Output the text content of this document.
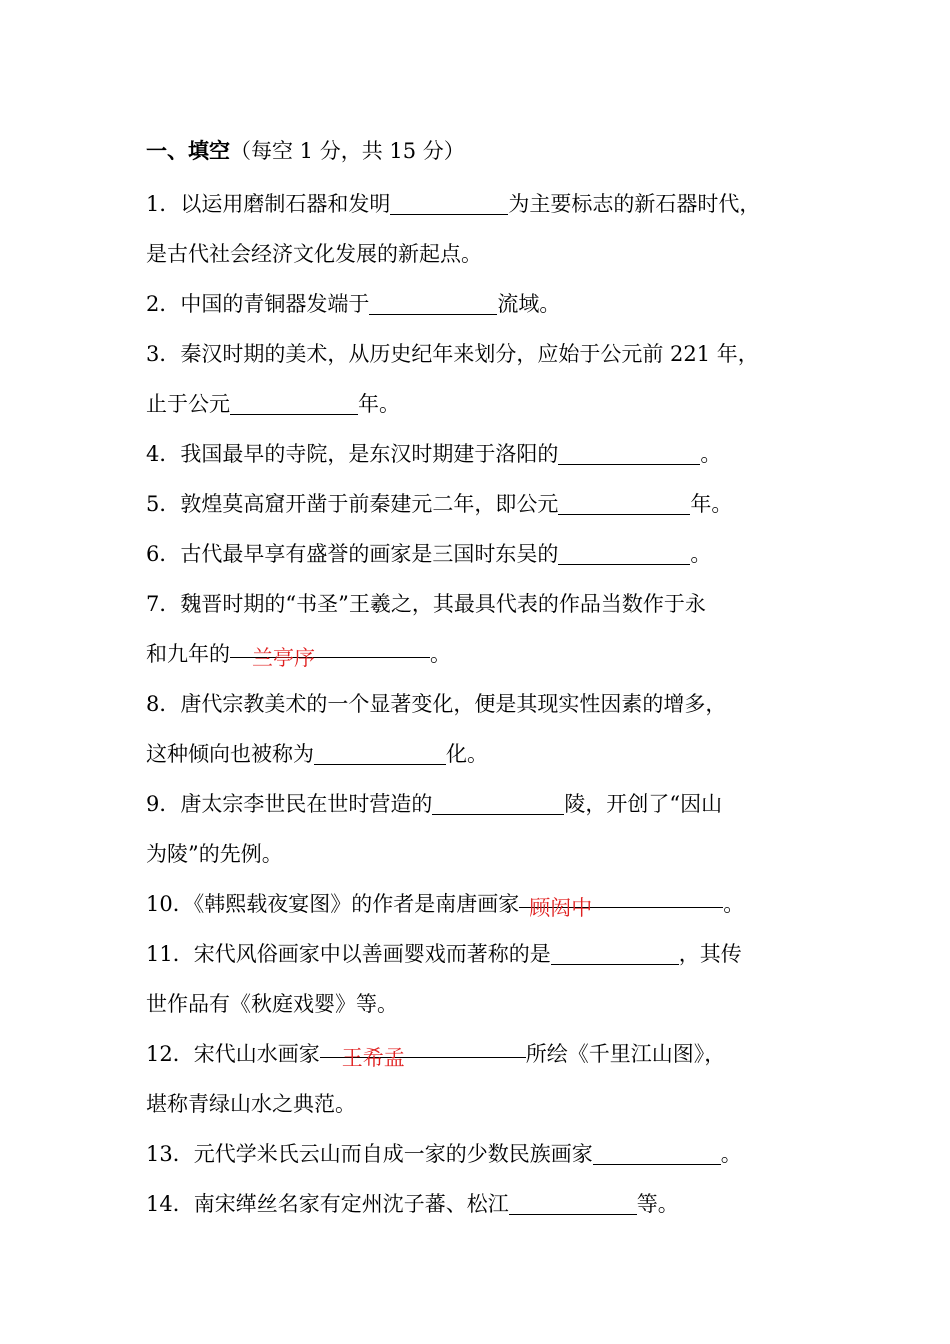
一、填空（每空 1 分，共 15 分）
1．以运用磨制石器和发明	为主要标志的新石器时代，
是古代社会经济文化发展的新起点。
2．中国的青铜器发端于	流域。
3．秦汉时期的美术，从历史纪年来划分，应始于公元前 221 年，
止于公元	年。
4．我国最早的寺院，是东汉时期建于洛阳的	。
5．敦煌莫高窟开凿于前秦建元二年，即公元	年。
6．古代最早享有盛誉的画家是三国时东吴的	。
7．魏晋时期的“书圣”王羲之，其最具代表的作品当数作于永
和九年的 兰亭序	。
8．唐代宗教美术的一个显著变化，便是其现实性因素的增多，
这种倾向也被称为	化。
9．唐太宗李世民在世时营造的	陵，开创了“因山
为陵”的先例。
10．《韩熙载夜宴图》的作者是南唐画家 顾闳中	。
11．宋代风俗画家中以善画婴戏而著称的是	，其传
世作品有《秋庭戏婴》等。
12．宋代山水画家 王希孟	所绘《千里江山图》，
堪称青绿山水之典范。
13．元代学米氏云山而自成一家的少数民族画家	。
14．南宋缂丝名家有定州沈子蕃、松江	等。
